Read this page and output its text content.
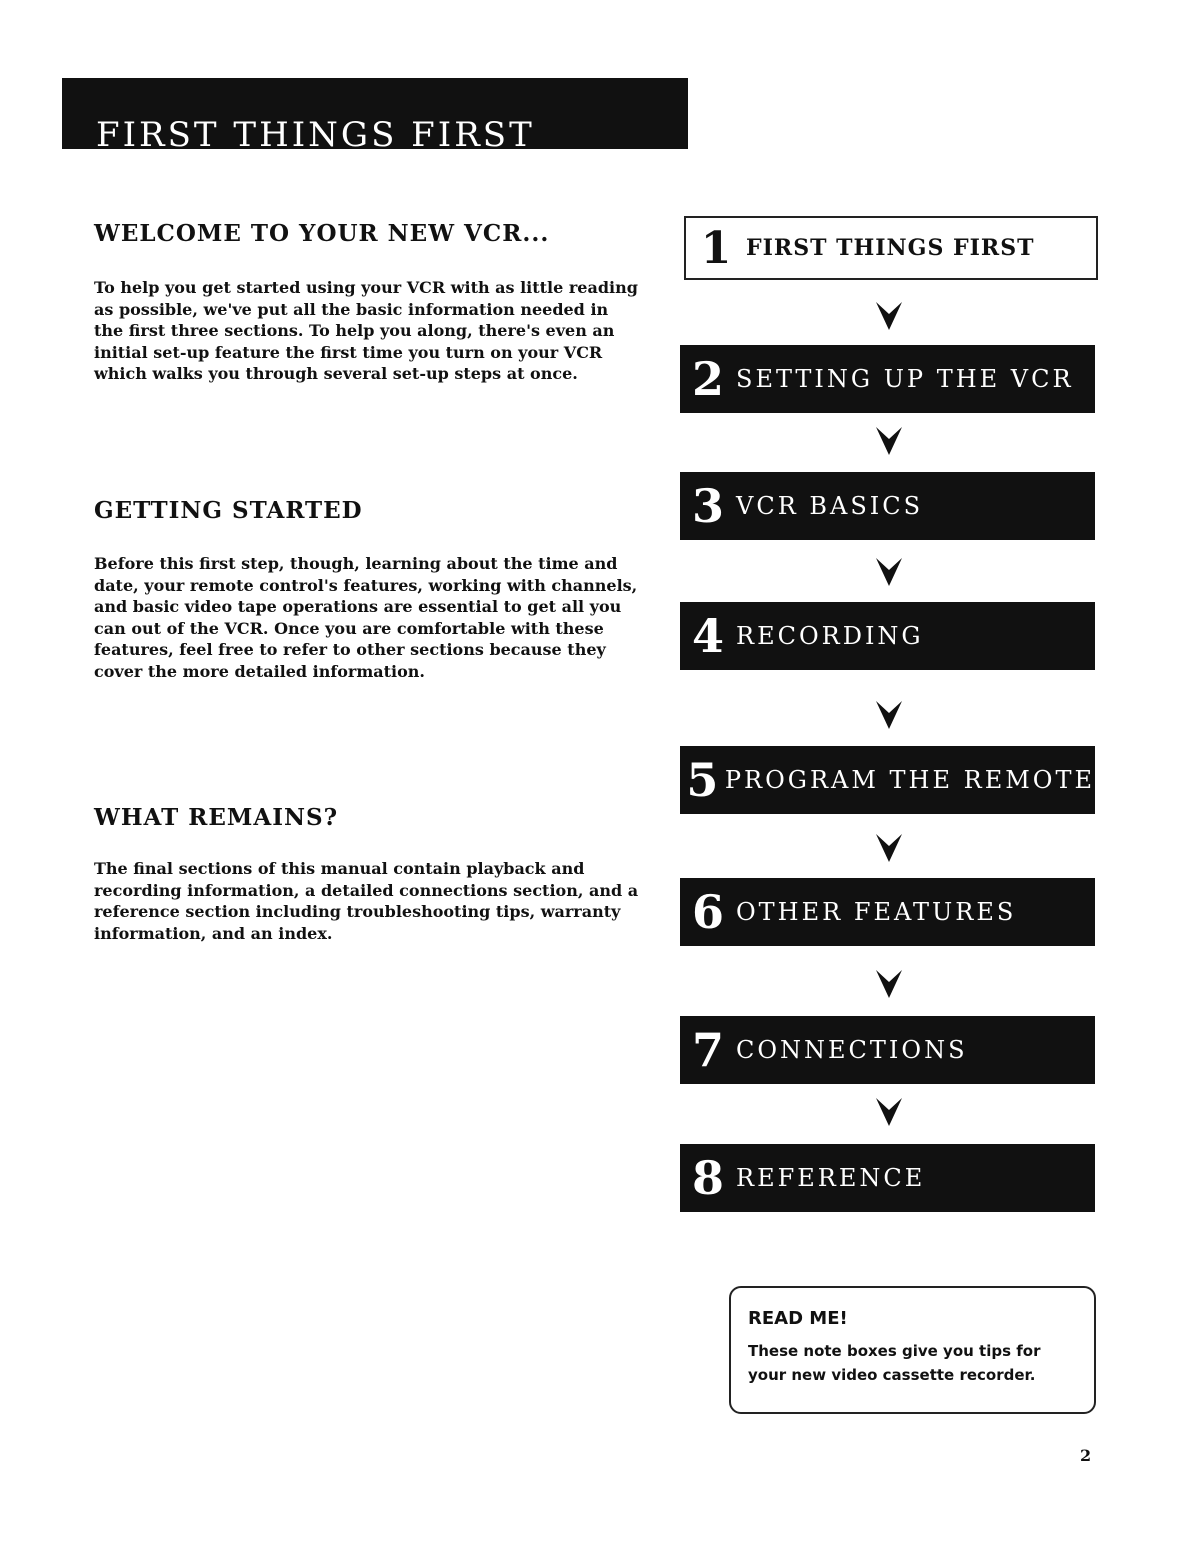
FIRST THINGS FIRST
WELCOME TO YOUR NEW VCR...

To help you get started using your VCR with as little reading as possible, we've put all the basic information needed in the first three sections. To help you along, there's even an initial set-up feature the first time you turn on your VCR which walks you through several set-up steps at once.

GETTING STARTED

Before this first step, though, learning about the time and date, your remote control's features, working with channels, and basic video tape operations are essential to get all you can out of the VCR. Once you are comfortable with these features, feel free to refer to other sections because they cover the more detailed information.

WHAT REMAINS?

The final sections of this manual contain playback and recording information, a detailed connections section, and a reference section including troubleshooting tips, warranty information, and an index.

1 FIRST THINGS FIRST
2 SETTING UP THE VCR
3 VCR BASICS
4 RECORDING
5 PROGRAM THE REMOTE
6 OTHER FEATURES
7 CONNECTIONS
8 REFERENCE

READ ME!

These note boxes give you tips for your new video cassette recorder.

2
